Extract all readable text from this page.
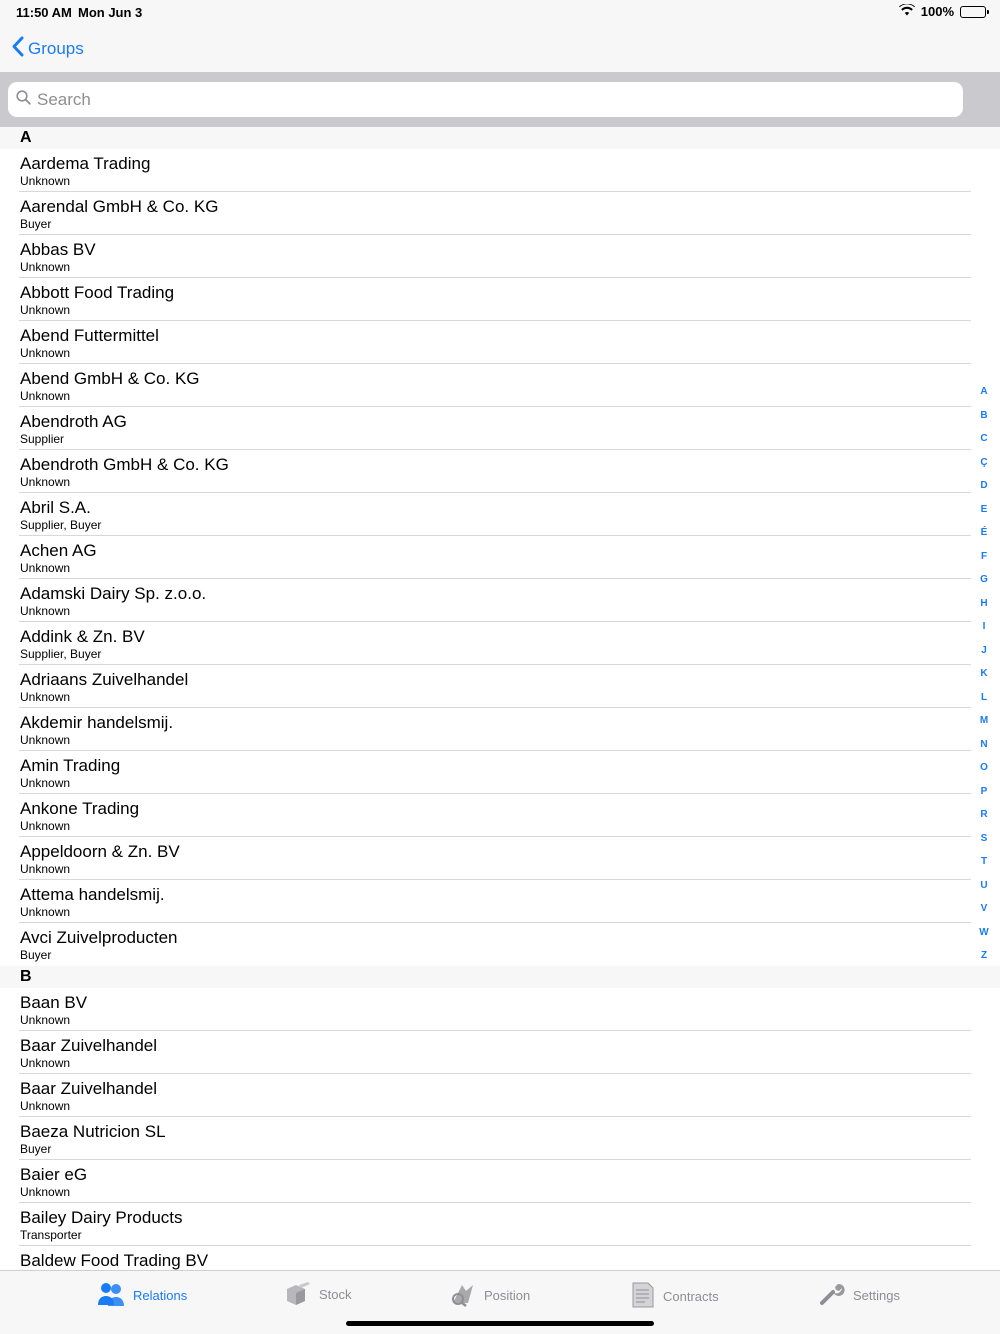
11:50 AM Mon Jun 3	100%
Groups
Search
A
Aardema Trading
Unknown
Aarendal GmbH & Co. KG
Buyer
Abbas BV
Unknown
Abbott Food Trading
Unknown
Abend Futtermittel
Unknown
Abend GmbH & Co. KG
Unknown
Abendroth AG
Supplier
Abendroth GmbH & Co. KG
Unknown
Abril S.A.
Supplier, Buyer
Achen AG
Unknown
Adamski Dairy Sp. z.o.o.
Unknown
Addink & Zn. BV
Supplier, Buyer
Adriaans Zuivelhandel
Unknown
Akdemir handelsmij.
Unknown
Amin Trading
Unknown
Ankone Trading
Unknown
Appeldoorn & Zn. BV
Unknown
Attema handelsmij.
Unknown
Avci Zuivelproducten
Buyer
B
Baan BV
Unknown
Baar Zuivelhandel
Unknown
Baar Zuivelhandel
Unknown
Baeza Nutricion SL
Buyer
Baier eG
Unknown
Bailey Dairy Products
Transporter
Baldew Food Trading BV
A
B
C
Ç
D
E
É
F
G
H
I
J
K
L
M
N
O
P
R
S
T
U
V
W
Z
Relations	Stock	Position	Contracts	Settings
